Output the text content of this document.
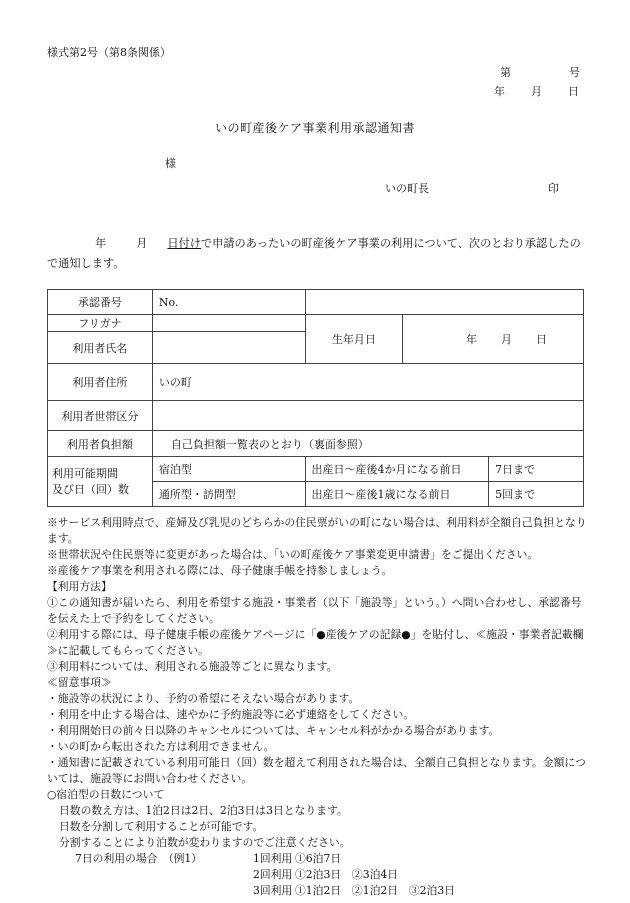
様式第2号（第8条関係）
第	号
年 月 日
いの町産後ケア事業利用承認通知書
様
いの町長	印
年	月 日付けで申請のあったいの町産後ケア事業の利用について、次のとおり承認したので通知します。
承認番号	No.			
フリガナ		生年月日	年 月 日	
利用者氏名				
利用者住所	いの町			
利用者世帯区分				
利用者負担額	自己負担額一覧表のとおり（裏面参照）			

利用可能期間
及び日（回）数	宿泊型	出産日～産後4か月になる前日		7日まで
	通所型・訪問型	出産日～産後1歳になる前日		5回まで

※サービス利用時点で、産婦及び乳児のどちらかの住民票がいの町にない場合は、利用料が全額自己負担となります。

※世帯状況や住民票等に変更があった場合は、「いの町産後ケア事業変更申請書」をご提出ください。

※産後ケア事業を利用される際には、母子健康手帳を持参しましょう。

【利用方法】

①この通知書が届いたら、利用を希望する施設・事業者（以下「施設等」という。）へ問い合わせし、承認番号を伝えた上で予約をしてください。

②利用する際には、母子健康手帳の産後ケアページに「●産後ケアの記録●」を貼付し、≪施設・事業者記載欄≫に記載してもらってください。

③利用料については、利用される施設等ごとに異なります。

≪留意事項≫

・施設等の状況により、予約の希望にそえない場合があります。

・利用を中止する場合は、速やかに予約施設等に必ず連絡をしてください。

・利用開始日の前々日以降のキャンセルについては、キャンセル料がかかる場合があります。

・いの町から転出された方は利用できません。

・通知書に記載されている利用可能日（回）数を超えて利用された場合は、全額自己負担となります。金額については、施設等にお問い合わせください。

○宿泊型の日数について

日数の数え方は、1泊2日は2日、2泊3日は3日となります。

日数を分割して利用することが可能です。

分割することにより泊数が変わりますのでご注意ください。

7日の利用の場合　（例1）	1回利用 ①6泊7日
2回利用 ①2泊3日　②3泊4日
3回利用 ①1泊2日　②1泊2日　③2泊3日
